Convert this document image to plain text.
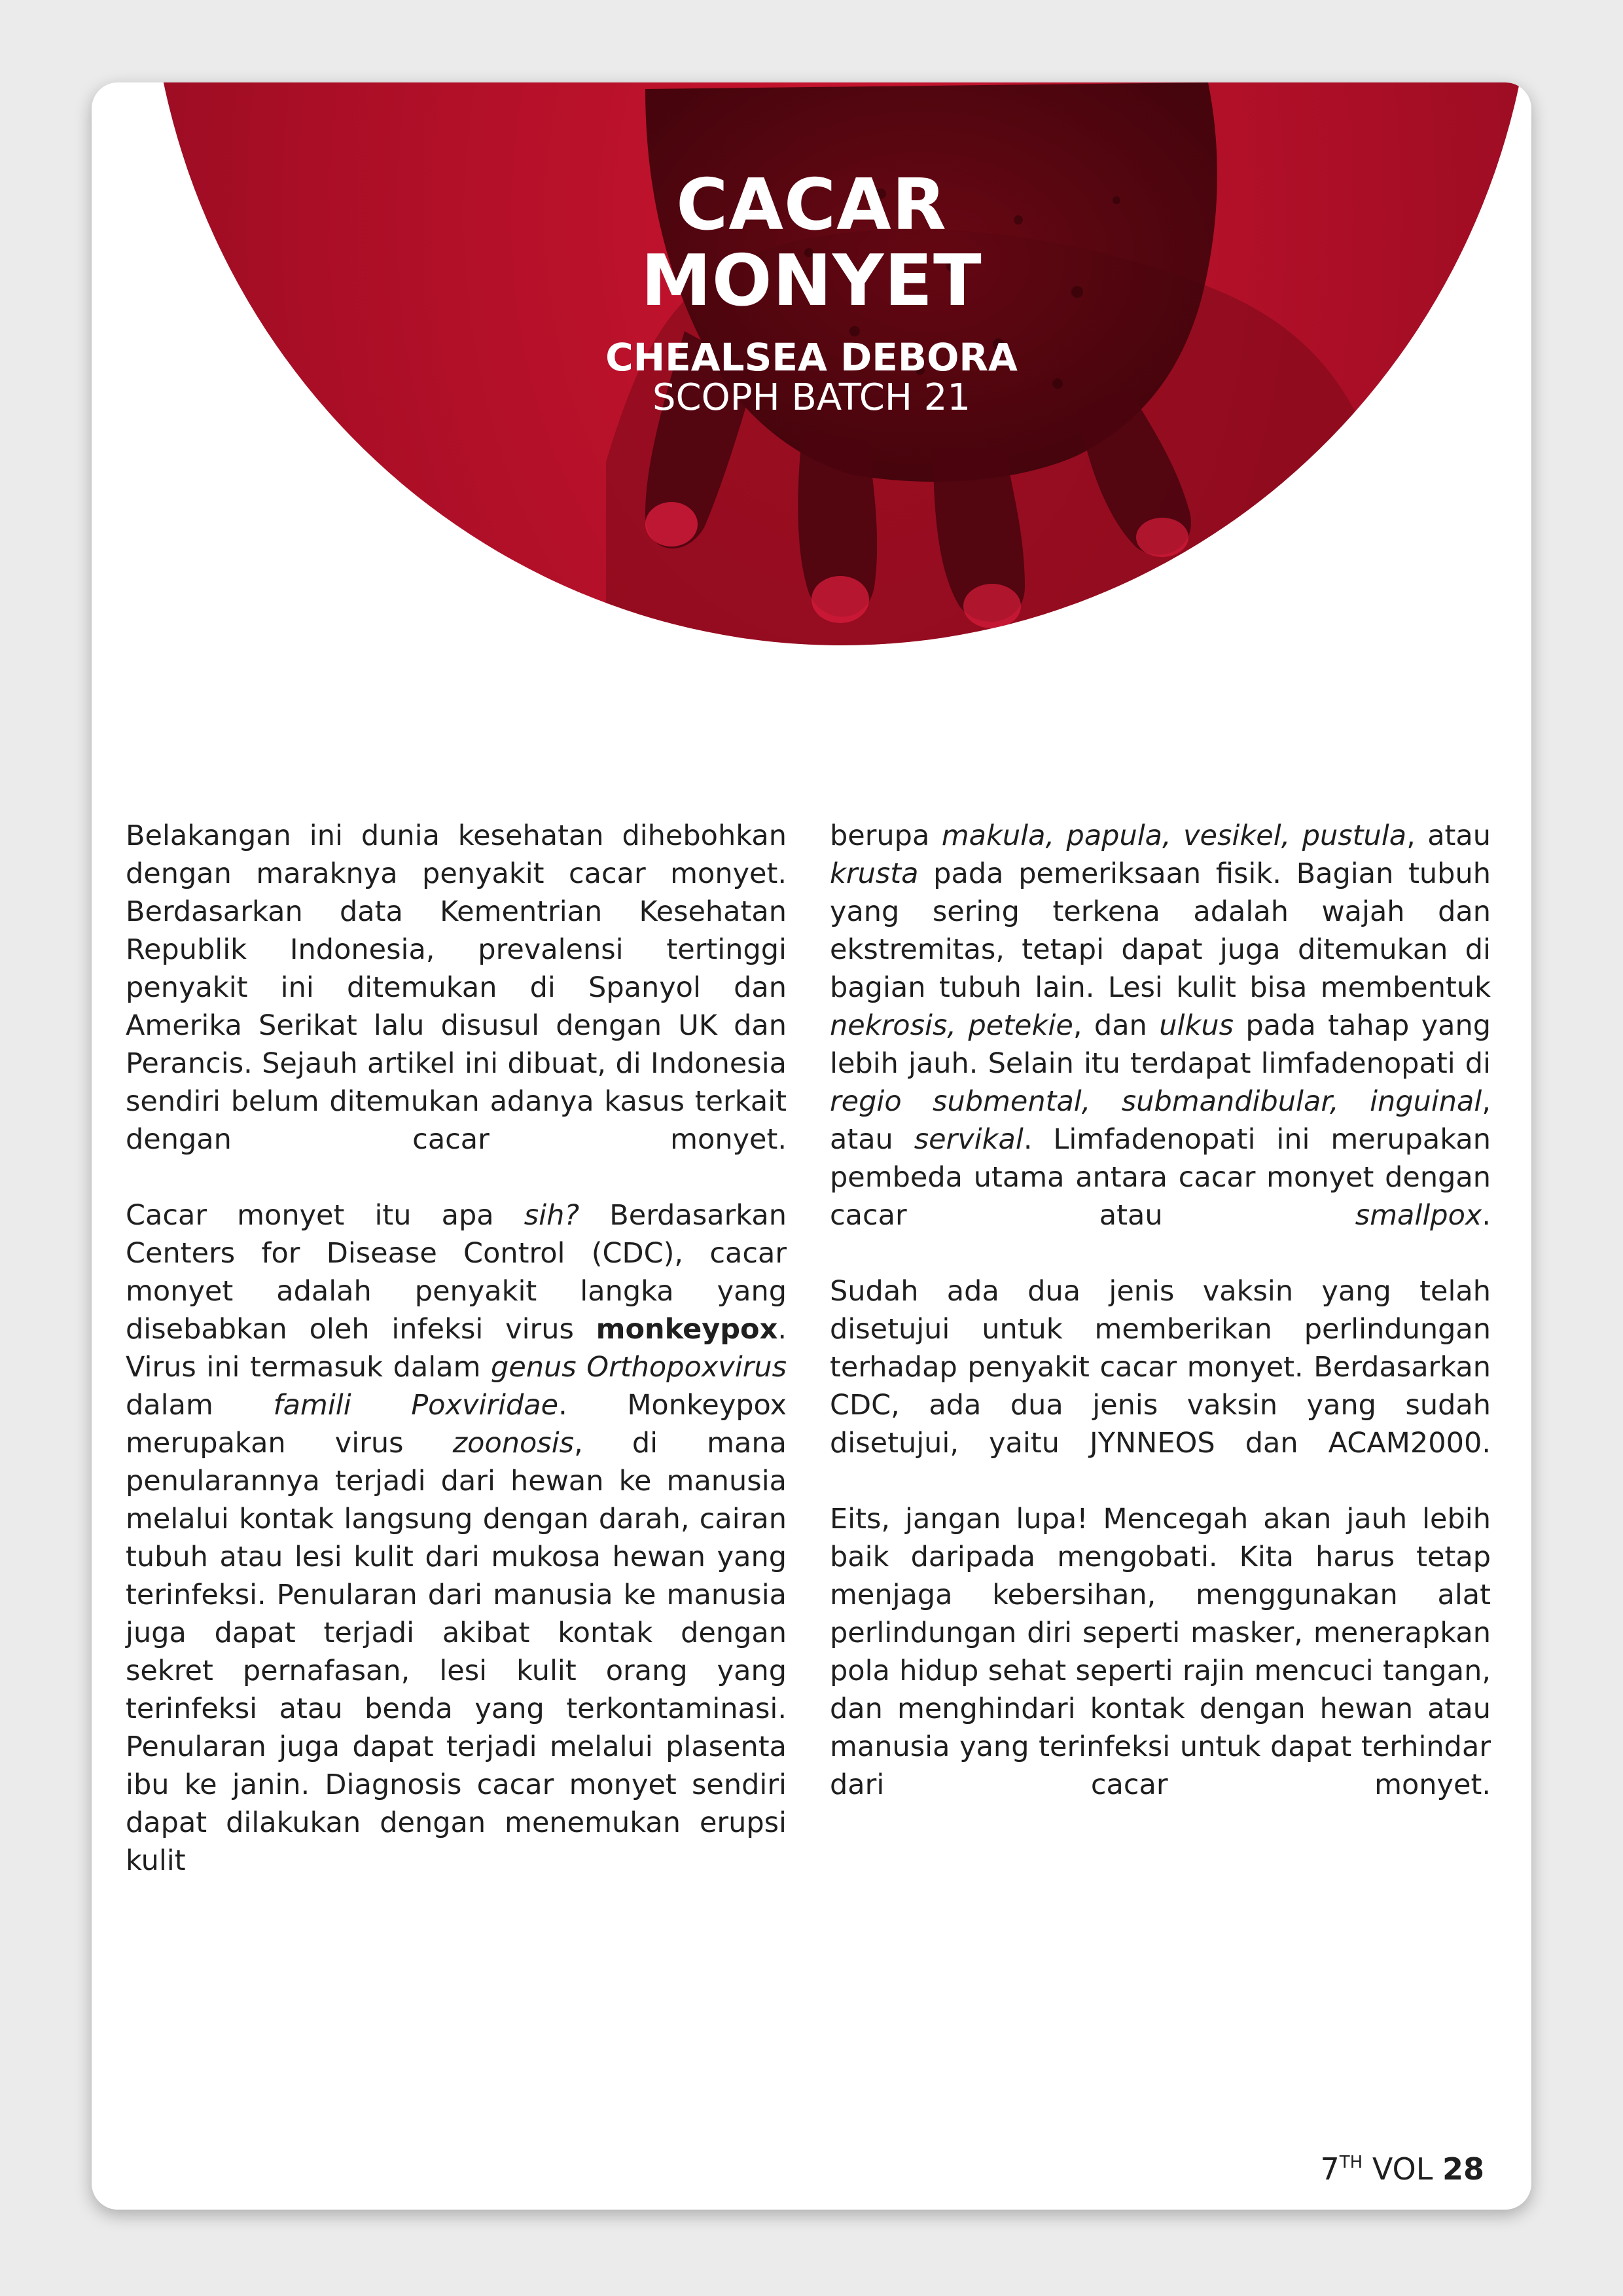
CACAR
MONYET
CHEALSEA DEBORA
SCOPH BATCH 21

Belakangan ini dunia kesehatan dihebohkan dengan maraknya penyakit cacar monyet. Berdasarkan data Kementrian Kesehatan Republik Indonesia, prevalensi tertinggi penyakit ini ditemukan di Spanyol dan Amerika Serikat lalu disusul dengan UK dan Perancis. Sejauh artikel ini dibuat, di Indonesia sendiri belum ditemukan adanya kasus terkait dengan cacar monyet.

Cacar monyet itu apa sih? Berdasarkan Centers for Disease Control (CDC), cacar monyet adalah penyakit langka yang disebabkan oleh infeksi virus monkeypox. Virus ini termasuk dalam genus Orthopoxvirus dalam famili Poxviridae. Monkeypox merupakan virus zoonosis, di mana penularannya terjadi dari hewan ke manusia melalui kontak langsung dengan darah, cairan tubuh atau lesi kulit dari mukosa hewan yang terinfeksi. Penularan dari manusia ke manusia juga dapat terjadi akibat kontak dengan sekret pernafasan, lesi kulit orang yang terinfeksi atau benda yang terkontaminasi. Penularan juga dapat terjadi melalui plasenta ibu ke janin. Diagnosis cacar monyet sendiri dapat dilakukan dengan menemukan erupsi kulit

berupa makula, papula, vesikel, pustula, atau krusta pada pemeriksaan fisik. Bagian tubuh yang sering terkena adalah wajah dan ekstremitas, tetapi dapat juga ditemukan di bagian tubuh lain. Lesi kulit bisa membentuk nekrosis, petekie, dan ulkus pada tahap yang lebih jauh. Selain itu terdapat limfadenopati di regio submental, submandibular, inguinal, atau servikal. Limfadenopati ini merupakan pembeda utama antara cacar monyet dengan cacar atau smallpox.

Sudah ada dua jenis vaksin yang telah disetujui untuk memberikan perlindungan terhadap penyakit cacar monyet. Berdasarkan CDC, ada dua jenis vaksin yang sudah disetujui, yaitu JYNNEOS dan ACAM2000.

Eits, jangan lupa! Mencegah akan jauh lebih baik daripada mengobati. Kita harus tetap menjaga kebersihan, menggunakan alat perlindungan diri seperti masker, menerapkan pola hidup sehat seperti rajin mencuci tangan, dan menghindari kontak dengan hewan atau manusia yang terinfeksi untuk dapat terhindar dari cacar monyet.

7TH VOL 28
